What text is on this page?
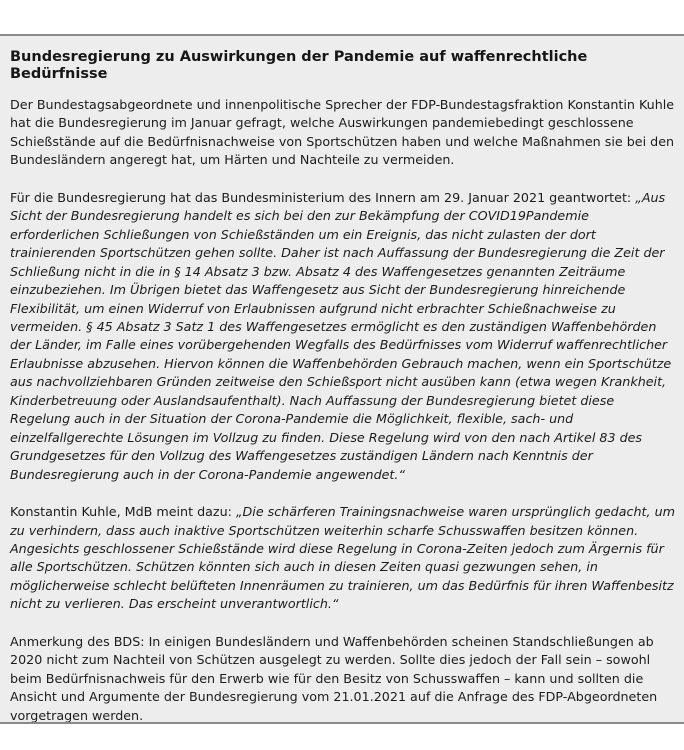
Bundesregierung zu Auswirkungen der Pandemie auf waffenrechtliche Bedürfnisse

Der Bundestagsabgeordnete und innenpolitische Sprecher der FDP-Bundestagsfraktion Konstantin Kuhle hat die Bundesregierung im Januar gefragt, welche Auswirkungen pandemiebedingt geschlossene Schießstände auf die Bedürfnisnachweise von Sportschützen haben und welche Maßnahmen sie bei den Bundesländern angeregt hat, um Härten und Nachteile zu vermeiden.

Für die Bundesregierung hat das Bundesministerium des Innern am 29. Januar 2021 geantwortet: „Aus Sicht der Bundesregierung handelt es sich bei den zur Bekämpfung der COVID19Pandemie erforderlichen Schließungen von Schießständen um ein Ereignis, das nicht zulasten der dort trainierenden Sportschützen gehen sollte. Daher ist nach Auffassung der Bundesregierung die Zeit der Schließung nicht in die in § 14 Absatz 3 bzw. Absatz 4 des Waffengesetzes genannten Zeiträume einzubeziehen. Im Übrigen bietet das Waffengesetz aus Sicht der Bundesregierung hinreichende Flexibilität, um einen Widerruf von Erlaubnissen aufgrund nicht erbrachter Schießnachweise zu vermeiden. § 45 Absatz 3 Satz 1 des Waffengesetzes ermöglicht es den zuständigen Waffenbehörden der Länder, im Falle eines vorübergehenden Wegfalls des Bedürfnisses vom Widerruf waffenrechtlicher Erlaubnisse abzusehen. Hiervon können die Waffenbehörden Gebrauch machen, wenn ein Sportschütze aus nachvollziehbaren Gründen zeitweise den Schießsport nicht ausüben kann (etwa wegen Krankheit, Kinderbetreuung oder Auslandsaufenthalt). Nach Auffassung der Bundesregierung bietet diese Regelung auch in der Situation der Corona-Pandemie die Möglichkeit, flexible, sach- und einzelfallgerechte Lösungen im Vollzug zu finden. Diese Regelung wird von den nach Artikel 83 des Grundgesetzes für den Vollzug des Waffengesetzes zuständigen Ländern nach Kenntnis der Bundesregierung auch in der Corona-Pandemie angewendet.“

Konstantin Kuhle, MdB meint dazu: „Die schärferen Trainingsnachweise waren ursprünglich gedacht, um zu verhindern, dass auch inaktive Sportschützen weiterhin scharfe Schusswaffen besitzen können. Angesichts geschlossener Schießstände wird diese Regelung in Corona-Zeiten jedoch zum Ärgernis für alle Sportschützen. Schützen könnten sich auch in diesen Zeiten quasi gezwungen sehen, in möglicherweise schlecht belüfteten Innenräumen zu trainieren, um das Bedürfnis für ihren Waffenbesitz nicht zu verlieren. Das erscheint unverantwortlich.“

Anmerkung des BDS: In einigen Bundesländern und Waffenbehörden scheinen Standschließungen ab 2020 nicht zum Nachteil von Schützen ausgelegt zu werden. Sollte dies jedoch der Fall sein – sowohl beim Bedürfnisnachweis für den Erwerb wie für den Besitz von Schusswaffen – kann und sollten die Ansicht und Argumente der Bundesregierung vom 21.01.2021 auf die Anfrage des FDP-Abgeordneten vorgetragen werden.
